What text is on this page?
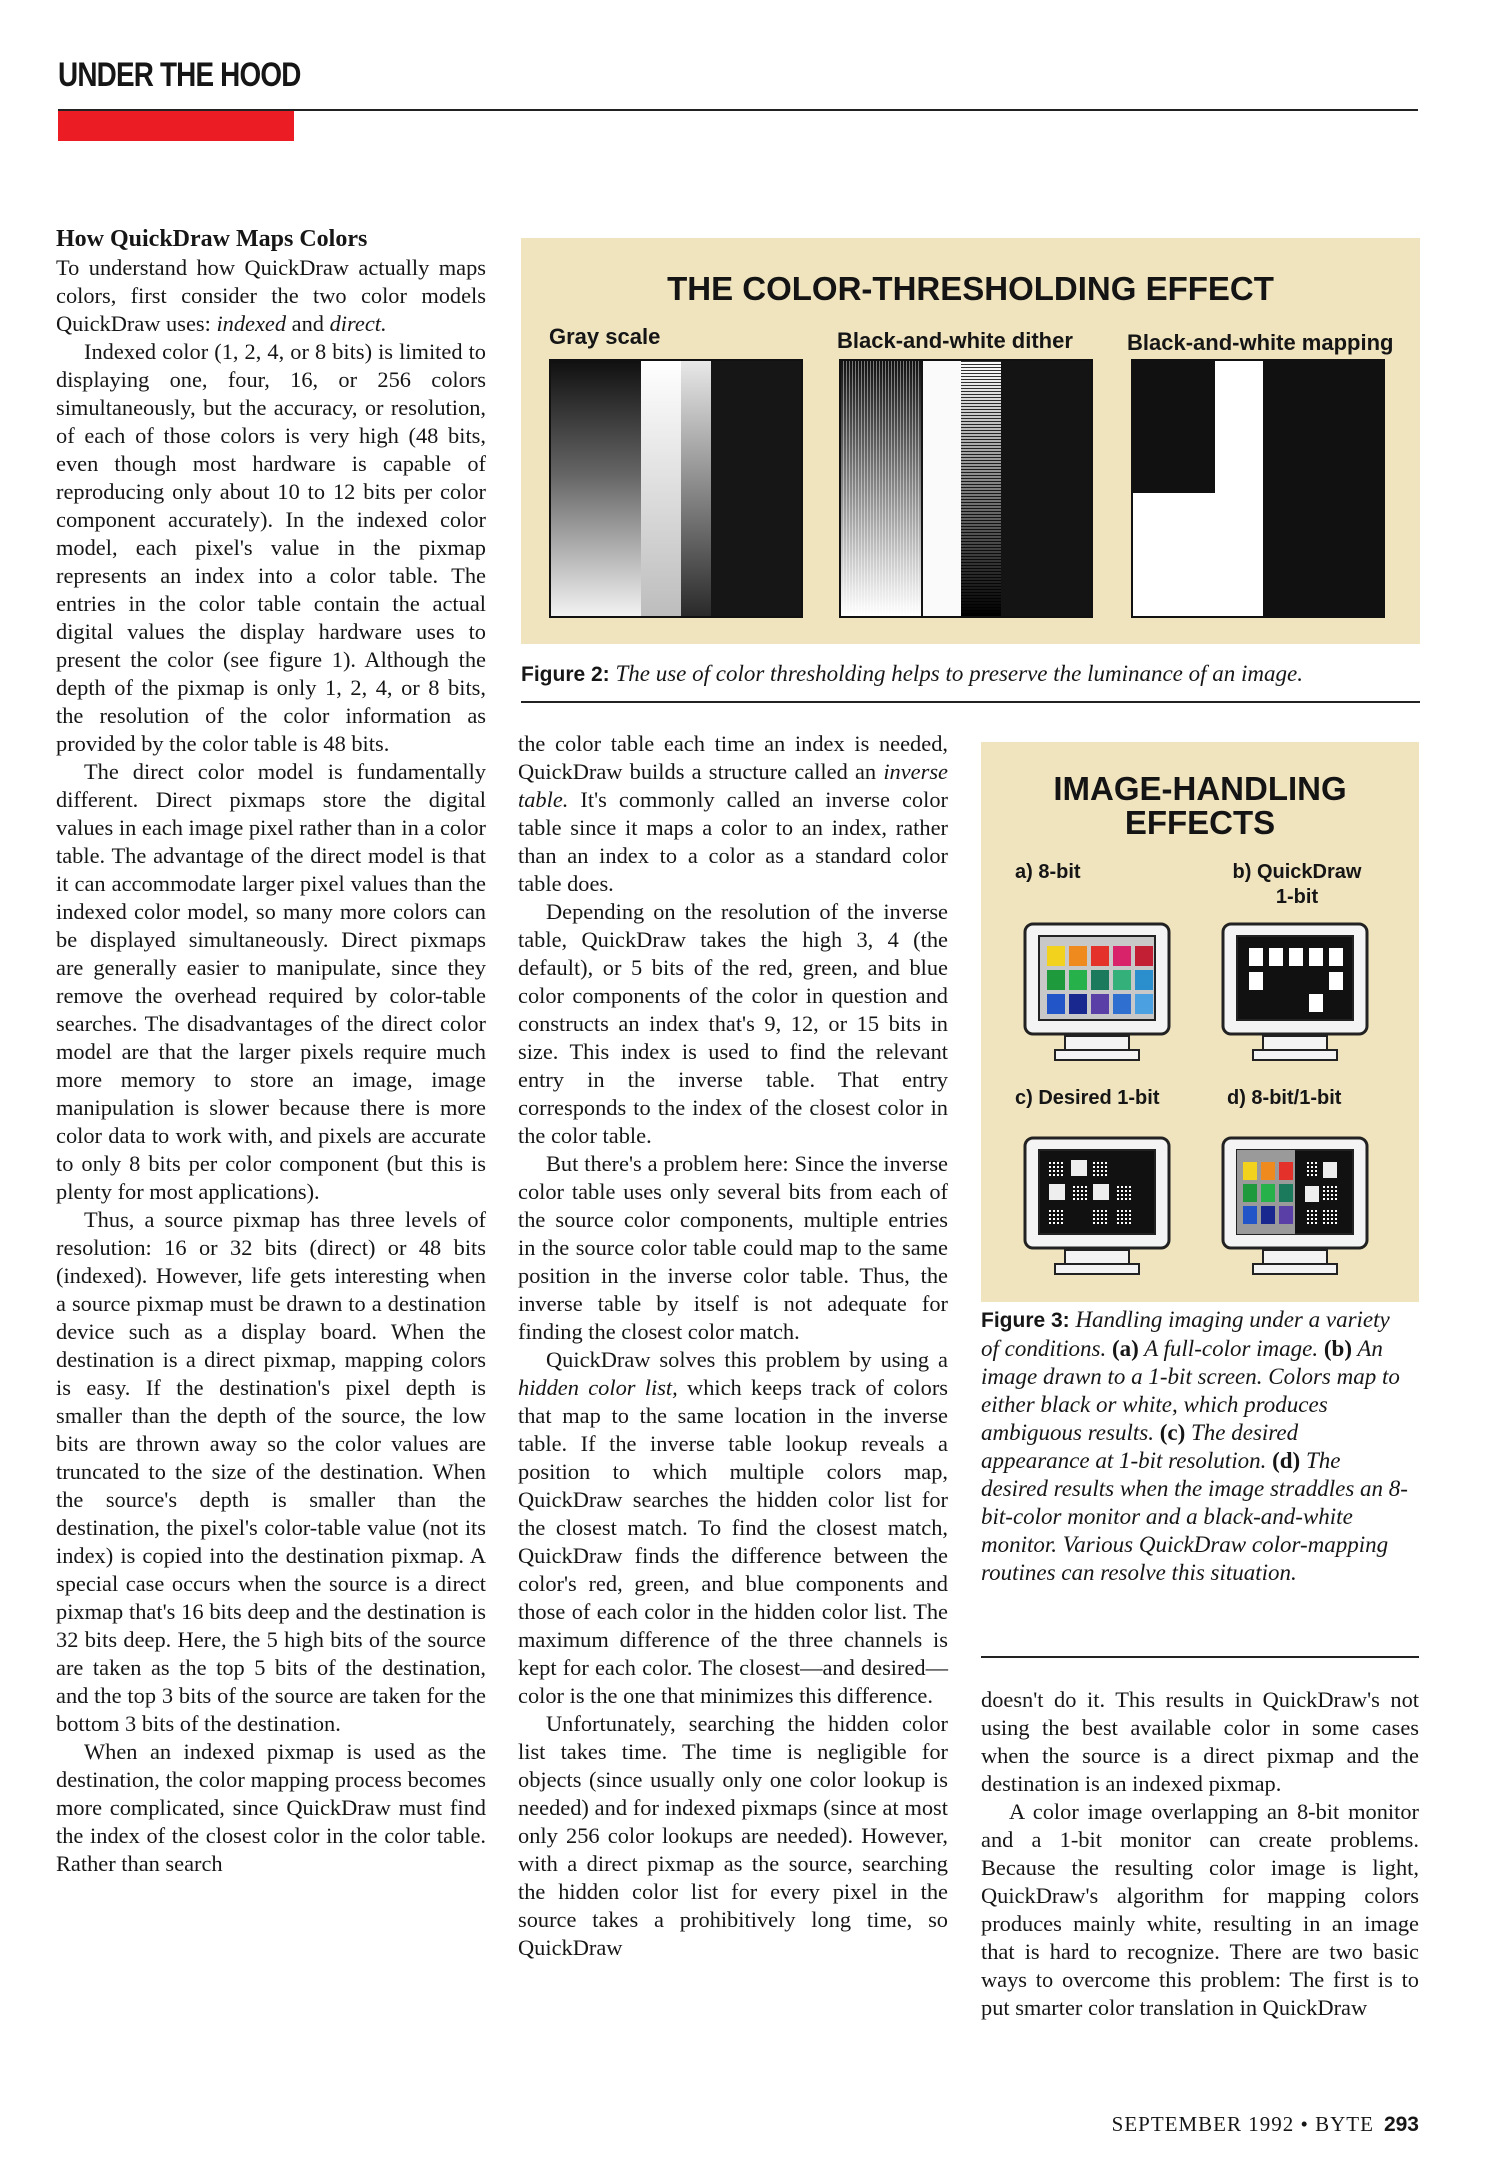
UNDER THE HOOD
How QuickDraw Maps Colors

To understand how QuickDraw actually maps colors, first consider the two color models QuickDraw uses: indexed and direct.

Indexed color (1, 2, 4, or 8 bits) is limited to displaying one, four, 16, or 256 colors simultaneously, but the accuracy, or resolution, of each of those colors is very high (48 bits, even though most hardware is capable of reproducing only about 10 to 12 bits per color component accurately). In the indexed color model, each pixel's value in the pixmap represents an index into a color table. The entries in the color table contain the actual digital values the display hardware uses to present the color (see figure 1). Although the depth of the pixmap is only 1, 2, 4, or 8 bits, the resolution of the color information as provided by the color table is 48 bits.

The direct color model is fundamentally different. Direct pixmaps store the digital values in each image pixel rather than in a color table. The advantage of the direct model is that it can accommodate larger pixel values than the indexed color model, so many more colors can be displayed simultaneously. Direct pixmaps are generally easier to manipulate, since they remove the overhead required by color-table searches. The disadvantages of the direct color model are that the larger pixels require much more memory to store an image, image manipulation is slower because there is more color data to work with, and pixels are accurate to only 8 bits per color component (but this is plenty for most applications).

Thus, a source pixmap has three levels of resolution: 16 or 32 bits (direct) or 48 bits (indexed). However, life gets interesting when a source pixmap must be drawn to a destination device such as a display board. When the destination is a direct pixmap, mapping colors is easy. If the destination's pixel depth is smaller than the depth of the source, the low bits are thrown away so the color values are truncated to the size of the destination. When the source's depth is smaller than the destination, the pixel's color-table value (not its index) is copied into the destination pixmap. A special case occurs when the source is a direct pixmap that's 16 bits deep and the destination is 32 bits deep. Here, the 5 high bits of the source are taken as the top 5 bits of the destination, and the top 3 bits of the source are taken for the bottom 3 bits of the destination.

When an indexed pixmap is used as the destination, the color mapping process becomes more complicated, since QuickDraw must find the index of the closest color in the color table. Rather than search

THE COLOR-THRESHOLDING EFFECT
Gray scale	Black-and-white dither Black-and-white mapping
Figure 2: The use of color thresholding helps to preserve the luminance of an image.

the color table each time an index is needed, QuickDraw builds a structure called an inverse table. It's commonly called an inverse color table since it maps a color to an index, rather than an index to a color as a standard color table does.

Depending on the resolution of the inverse table, QuickDraw takes the high 3, 4 (the default), or 5 bits of the red, green, and blue color components of the color in question and constructs an index that's 9, 12, or 15 bits in size. This index is used to find the relevant entry in the inverse table. That entry corresponds to the index of the closest color in the color table.

But there's a problem here: Since the inverse color table uses only several bits from each of the source color components, multiple entries in the source color table could map to the same position in the inverse color table. Thus, the inverse table by itself is not adequate for finding the closest color match.

QuickDraw solves this problem by using a hidden color list, which keeps track of colors that map to the same location in the inverse table. If the inverse table lookup reveals a position to which multiple colors map, QuickDraw searches the hidden color list for the closest match. To find the closest match, QuickDraw finds the difference between the color's red, green, and blue components and those of each color in the hidden color list. The maximum difference of the three channels is kept for each color. The closest—and desired—color is the one that minimizes this difference.

Unfortunately, searching the hidden color list takes time. The time is negligible for objects (since usually only one color lookup is needed) and for indexed pixmaps (since at most only 256 color lookups are needed). However, with a direct pixmap as the source, searching the hidden color list for every pixel in the source takes a prohibitively long time, so QuickDraw

IMAGE-HANDLING
EFFECTS
a) 8-bit	b) QuickDraw
1-bit
c) Desired 1-bit	d) 8-bit/1-bit
Figure 3: Handling imaging under a variety of conditions. (a) A full-color image. (b) An image drawn to a 1-bit screen. Colors map to either black or white, which produces ambiguous results. (c) The desired appearance at 1-bit resolution. (d) The desired results when the image straddles an 8-bit-color monitor and a black-and-white monitor. Various QuickDraw color-mapping routines can resolve this situation.

doesn't do it. This results in QuickDraw's not using the best available color in some cases when the source is a direct pixmap and the destination is an indexed pixmap.

A color image overlapping an 8-bit monitor and a 1-bit monitor can create problems. Because the resulting color image is light, QuickDraw's algorithm for mapping colors produces mainly white, resulting in an image that is hard to recognize. There are two basic ways to overcome this problem: The first is to put smarter color translation in QuickDraw

SEPTEMBER 1992 • BYTE 293
